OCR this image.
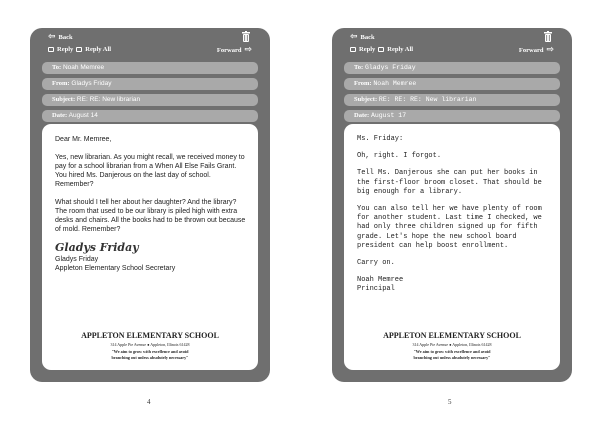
⇦ Back
Reply Reply All	Forward ⇨
To: Noah Memree
From: Gladys Friday
Subject: RE: RE: New librarian
Date: August 14

Dear Mr. Memree,

Yes, new librarian. As you might recall, we received money to pay for a school librarian from a When All Else Fails Grant. You hired Ms. Danjerous on the last day of school. Remember?

What should I tell her about her daughter? And the library? The room that used to be our library is piled high with extra desks and chairs. All the books had to be thrown out because of mold. Remember?

Gladys Friday
Gladys Friday
Appleton Elementary School Secretary
APPLETON ELEMENTARY SCHOOL
314 Apple Pie Avenue ● Appleton, Illinois 61428
"We aim to grow with excellence and avoid
branching out unless absolutely necessary"
⇦ Back
Reply Reply All	Forward ⇨
To: Gladys Friday
From: Noah Memree
Subject: RE: RE: RE: New librarian
Date: August 17

Ms. Friday:

Oh, right. I forgot.

Tell Ms. Danjerous she can put her books in the first-floor broom closet. That should be big enough for a library.

You can also tell her we have plenty of room for another student. Last time I checked, we had only three children signed up for fifth grade. Let's hope the new school board president can help boost enrollment.

Carry on.

Noah Memree
Principal
APPLETON ELEMENTARY SCHOOL
314 Apple Pie Avenue ● Appleton, Illinois 61428
"We aim to grow with excellence and avoid
branching out unless absolutely necessary"
4	5
